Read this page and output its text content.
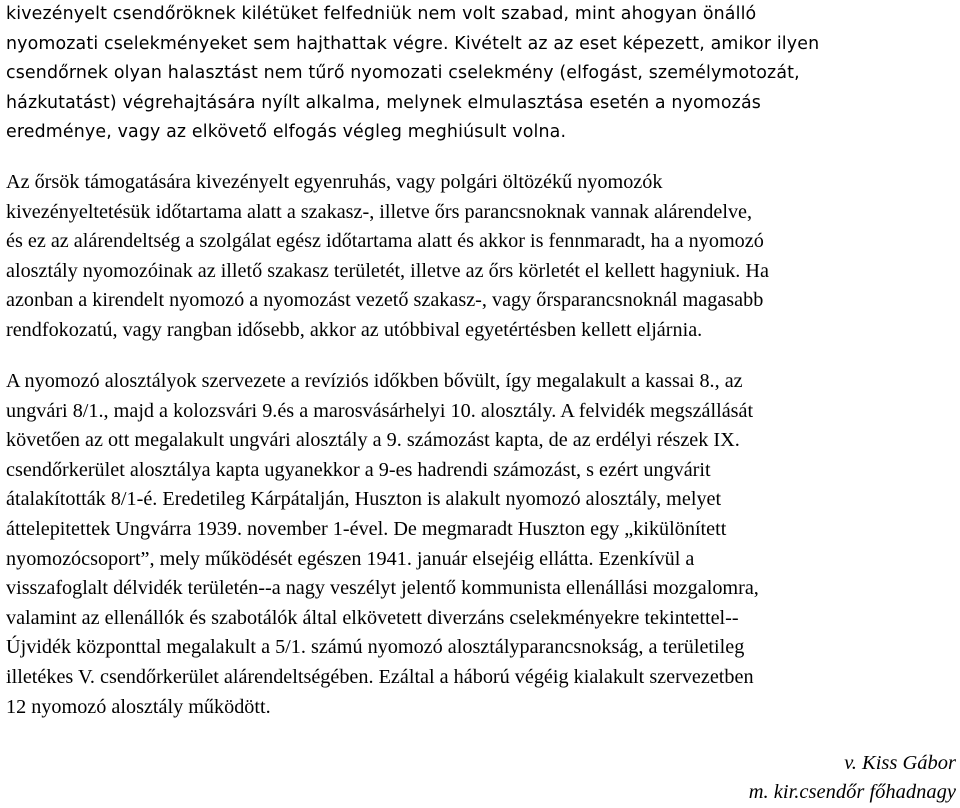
kivezényelt csendőröknek kilétüket felfedniük nem volt szabad, mint ahogyan önálló
nyomozati cselekményeket sem hajthattak végre. Kivételt az az eset képezett, amikor ilyen
csendőrnek olyan halasztást nem tűrő nyomozati cselekmény (elfogást, személymotozát,
házkutatást) végrehajtására nyílt alkalma, melynek elmulasztása esetén a nyomozás
eredménye, vagy az elkövető elfogás végleg meghiúsult volna.
Az őrsök támogatására kivezényelt egyenruhás, vagy polgári öltözékű nyomozók
kivezényeltetésük időtartama alatt a szakasz-, illetve őrs parancsnoknak vannak alárendelve,
és ez az alárendeltség a szolgálat egész időtartama alatt és akkor is fennmaradt, ha a nyomozó
alosztály nyomozóinak az illető szakasz területét, illetve az őrs körletét el kellett hagyniuk. Ha
azonban a kirendelt nyomozó a nyomozást vezető szakasz-, vagy őrsparancsnoknál magasabb
rendfokozatú, vagy rangban idősebb, akkor az utóbbival egyetértésben kellett eljárnia.
A nyomozó alosztályok szervezete a revíziós időkben bővült, így megalakult a kassai 8., az
ungvári 8/1., majd a kolozsvári 9.és a marosvásárhelyi 10. alosztály. A felvidék megszállását
követően az ott megalakult ungvári alosztály a 9. számozást kapta, de az erdélyi részek IX.
csendőrkerület alosztálya kapta ugyanekkor a 9-es hadrendi számozást, s ezért ungvárit
átalakították 8/1-é. Eredetileg Kárpátalján, Huszton is alakult nyomozó alosztály, melyet
áttelepitettek Ungvárra 1939. november 1-ével. De megmaradt Huszton egy „kikülönített
nyomozócsoport”, mely működését egészen 1941. január elsejéig ellátta. Ezenkívül a
visszafoglalt délvidék területén--a nagy veszélyt jelentő kommunista ellenállási mozgalomra,
valamint az ellenállók és szabotálók által elkövetett diverzáns cselekményekre tekintettel--
Újvidék központtal megalakult a 5/1. számú nyomozó alosztályparancsnokság, a területileg
illetékes V. csendőrkerület alárendeltségében. Ezáltal a háború végéig kialakult szervezetben
12 nyomozó alosztály működött.
v. Kiss Gábor
m. kir.csendőr főhadnagy
